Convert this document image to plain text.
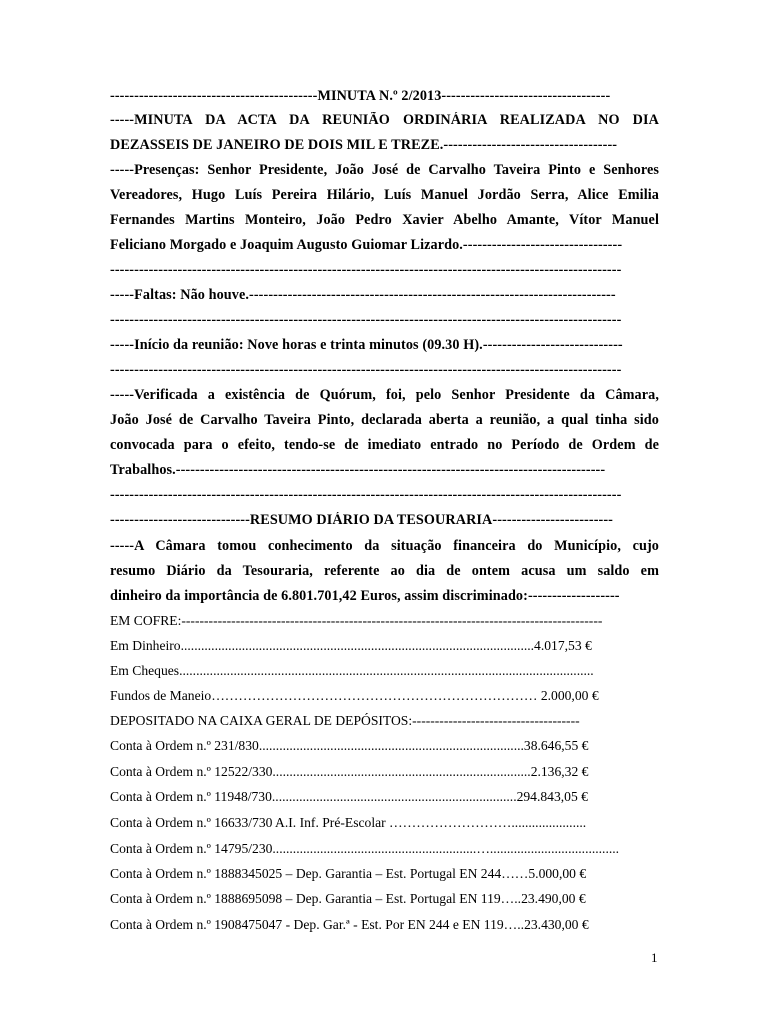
-------------------------------------------MINUTA N.º 2/2013-----------------------------------
-----MINUTA DA ACTA DA REUNIÃO ORDINÁRIA REALIZADA NO DIA
DEZASSEIS DE JANEIRO DE DOIS MIL E TREZE.------------------------------------
-----Presenças: Senhor Presidente, João José de Carvalho Taveira Pinto e Senhores
Vereadores, Hugo Luís Pereira Hilário, Luís Manuel Jordão Serra, Alice Emilia
Fernandes Martins Monteiro, João Pedro Xavier Abelho Amante, Vítor Manuel
Feliciano Morgado e Joaquim Augusto Guiomar Lizardo.---------------------------------
----------------------------------------------------------------------------------------------------------
-----Faltas: Não houve.----------------------------------------------------------------------------
----------------------------------------------------------------------------------------------------------
-----Início da reunião: Nove horas e trinta minutos (09.30 H).-----------------------------
----------------------------------------------------------------------------------------------------------
-----Verificada a existência de Quórum, foi, pelo Senhor Presidente da Câmara,
João José de Carvalho Taveira Pinto, declarada aberta a reunião, a qual tinha sido
convocada para o efeito, tendo-se de imediato entrado no Período de Ordem de
Trabalhos.-----------------------------------------------------------------------------------------
----------------------------------------------------------------------------------------------------------
-----------------------------RESUMO DIÁRIO DA TESOURARIA-------------------------
-----A Câmara tomou conhecimento da situação financeira do Município, cujo
resumo Diário da Tesouraria, referente ao dia de ontem acusa um saldo em
dinheiro da importância de 6.801.701,42 Euros, assim discriminado:-------------------
EM COFRE:---------------------------------------------------------------------------------------------
Em Dinheiro........................................................................................................4.017,53 €
Em Cheques..........................................................................................................................
Fundos de Maneio……………………………………………………………… 2.000,00 €
DEPOSITADO NA CAIXA GERAL DE DEPÓSITOS:-------------------------------------
Conta à Ordem n.º 231/830..............................................................................38.646,55 €
Conta à Ordem n.º 12522/330............................................................................2.136,32 €
Conta à Ordem n.º 11948/730........................................................................294.843,05 €
Conta à Ordem n.º 16633/730 A.I. Inf. Pré-Escolar ………………………......................
Conta à Ordem n.º 14795/230............................................................…......................................
Conta à Ordem n.º 1888345025 – Dep. Garantia – Est. Portugal EN 244……5.000,00 €
Conta à Ordem n.º 1888695098 – Dep. Garantia – Est. Portugal EN 119…..23.490,00 €
Conta à Ordem n.º 1908475047 - Dep. Gar.ª - Est. Por EN 244 e EN 119…..23.430,00 €
1
